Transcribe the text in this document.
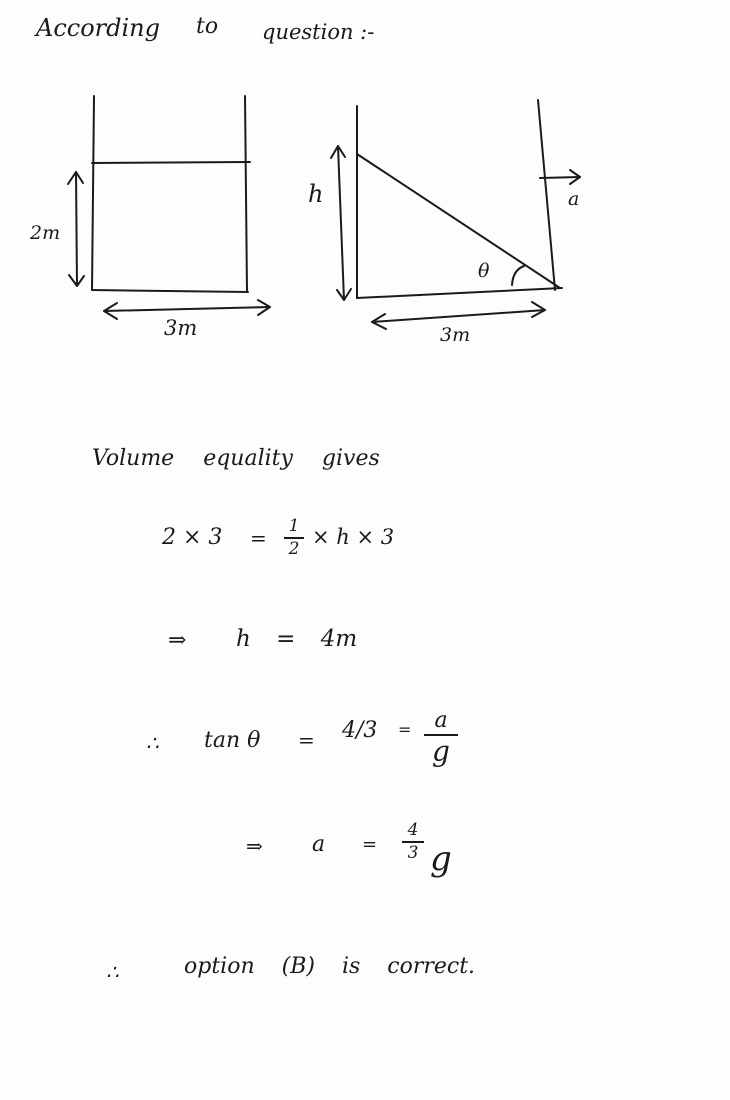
According to question :-
2m
3m
h
3m
θ
a
Volume equality gives
2 × 3 = 1
2 × h × 3
⇒ h = 4m
∴ tan θ = 4/3 =	a
g
⇒ a =
4
3 g
∴	option (B) is correct.
